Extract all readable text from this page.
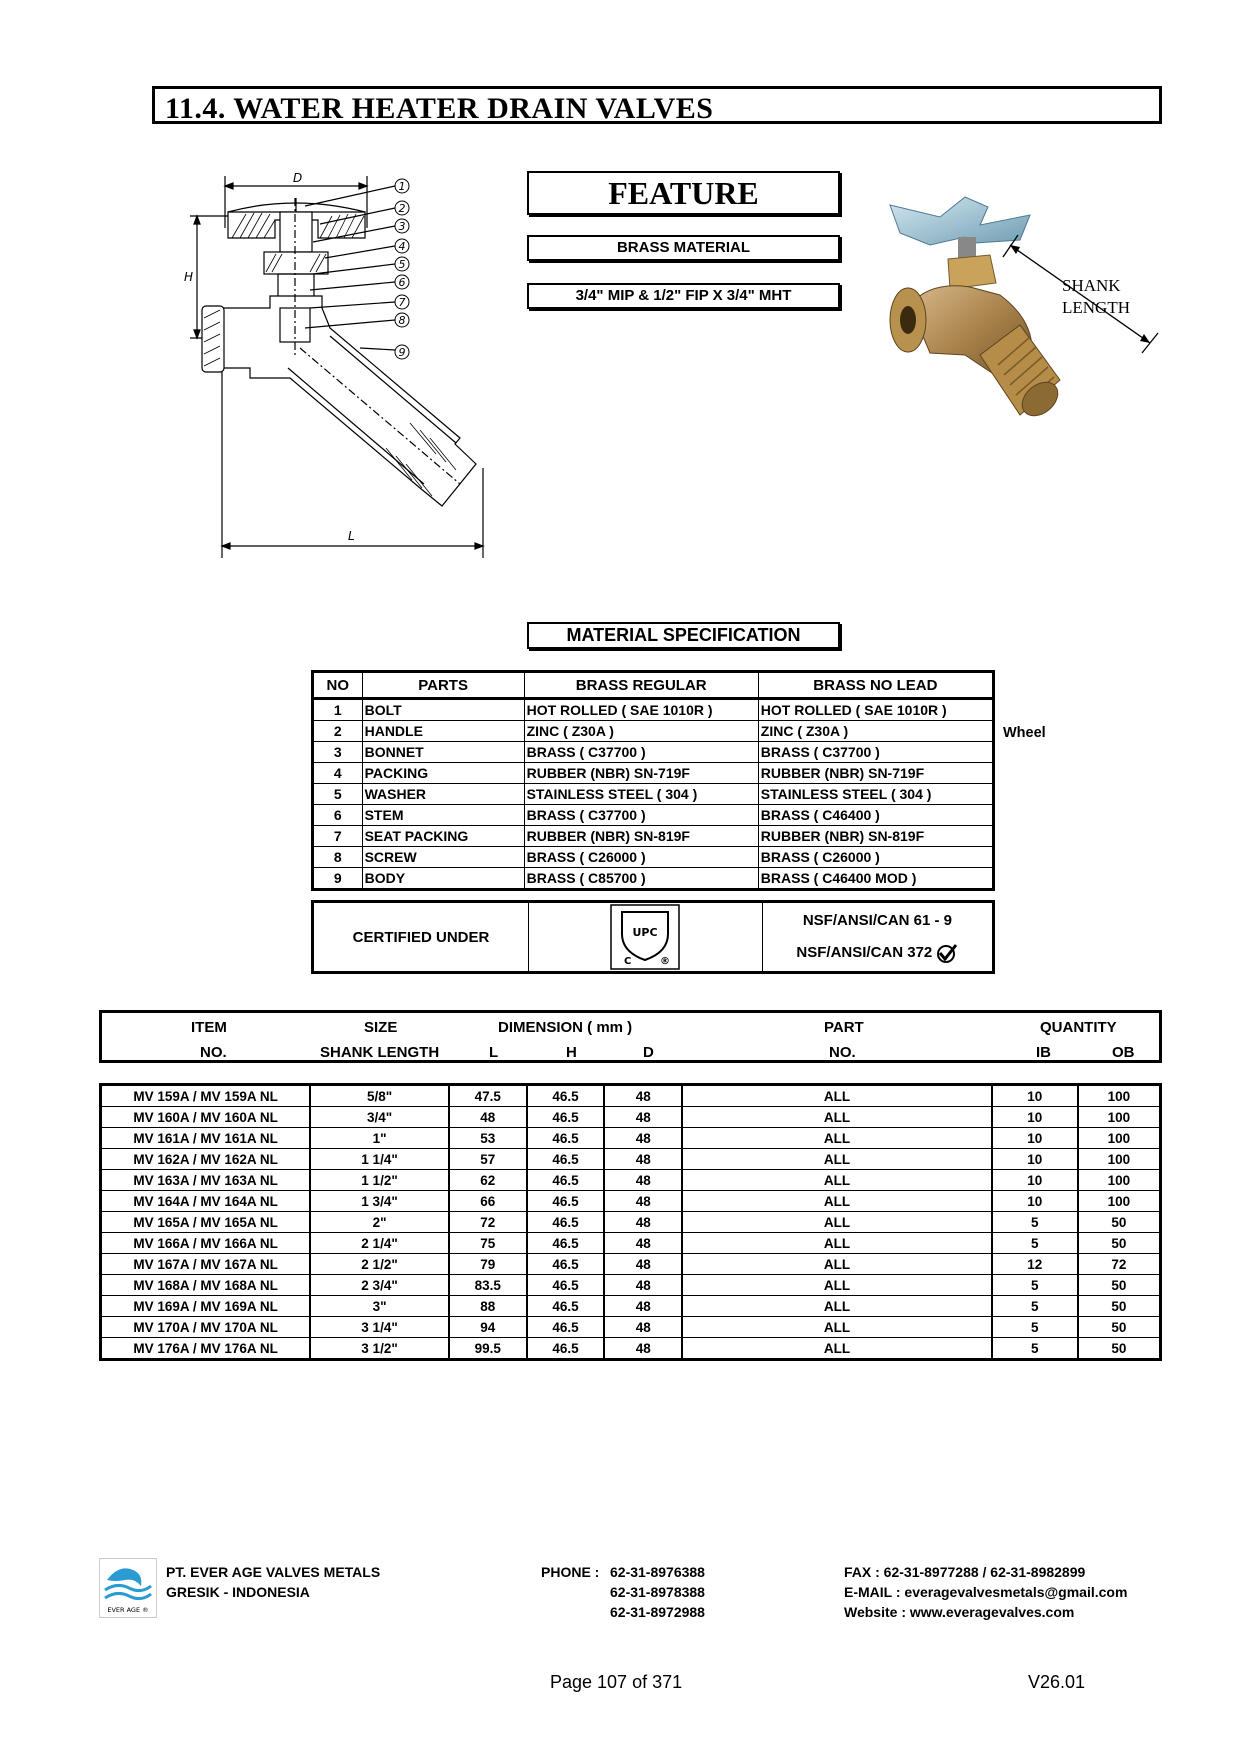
11.4. WATER HEATER DRAIN VALVES
1
2
3
4
5
6
7
8
9
D
H
L
FEATURE
BRASS MATERIAL
3/4" MIP & 1/2" FIP X 3/4" MHT
SHANK
LENGTH
MATERIAL SPECIFICATION
NO	PARTS	BRASS REGULAR	BRASS NO LEAD
1	BOLT	HOT ROLLED ( SAE 1010R )	HOT ROLLED ( SAE 1010R )
2	HANDLE	ZINC ( Z30A )	ZINC ( Z30A )
3	BONNET	BRASS ( C37700 )	BRASS ( C37700 )
4	PACKING	RUBBER (NBR) SN-719F	RUBBER (NBR) SN-719F
5	WASHER	STAINLESS STEEL ( 304 )	STAINLESS STEEL ( 304 )
6	STEM	BRASS ( C37700 )	BRASS ( C46400 )
7	SEAT PACKING	RUBBER (NBR) SN-819F	RUBBER (NBR) SN-819F
8	SCREW	BRASS ( C26000 )	BRASS ( C26000 )
9	BODY	BRASS ( C85700 )	BRASS ( C46400 MOD )
Wheel
CERTIFIED UNDER	UPC
C	®

NSF/ANSI/CAN 61 - 9
NSF/ANSI/CAN 372
ITEM
NO.
SIZE
SHANK LENGTH
DIMENSION ( mm )
L	H	D
PART
NO.
QUANTITY
IB	OB
MV 159A / MV 159A NL	5/8"	47.5	46.5	48	ALL	10	100
MV 160A / MV 160A NL	3/4"	48	46.5	48	ALL	10	100
MV 161A / MV 161A NL	1"	53	46.5	48	ALL	10	100
MV 162A / MV 162A NL	1 1/4"	57	46.5	48	ALL	10	100
MV 163A / MV 163A NL	1 1/2"	62	46.5	48	ALL	10	100
MV 164A / MV 164A NL	1 3/4"	66	46.5	48	ALL	10	100
MV 165A / MV 165A NL	2"	72	46.5	48	ALL	5	50
MV 166A / MV 166A NL	2 1/4"	75	46.5	48	ALL	5	50
MV 167A / MV 167A NL	2 1/2"	79	46.5	48	ALL	12	72
MV 168A / MV 168A NL	2 3/4"	83.5	46.5	48	ALL	5	50
MV 169A / MV 169A NL	3"	88	46.5	48	ALL	5	50
MV 170A / MV 170A NL	3 1/4"	94	46.5	48	ALL	5	50
MV 176A / MV 176A NL	3 1/2"	99.5	46.5	48	ALL	5	50
EVER AGE ®
PT. EVER AGE VALVES METALS
GRESIK - INDONESIA
PHONE : 62-31-8976388
62-31-8978388
62-31-8972988
FAX : 62-31-8977288 / 62-31-8982899
E-MAIL : everagevalvesmetals@gmail.com
Website : www.everagevalves.com
Page 107 of 371	V26.01
